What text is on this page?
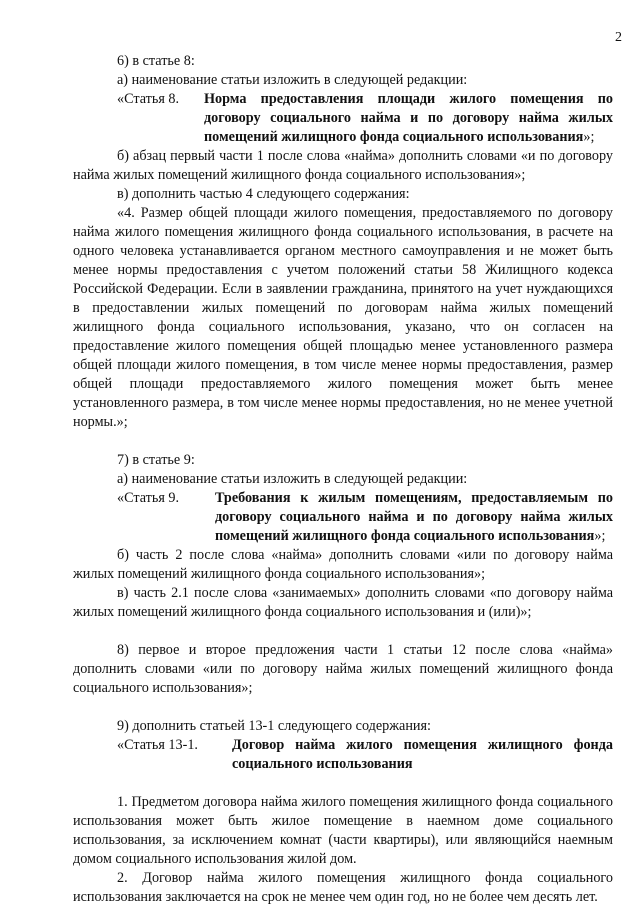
2

6) в статье 8:

а) наименование статьи изложить в следующей редакции:

«Статья 8.	Норма предоставления площади жилого помещения по договору социального найма и по договору найма жилых помещений жилищного фонда социального использования»;

б) абзац первый части 1 после слова «найма» дополнить словами «и по договору найма жилых помещений жилищного фонда социального использования»;

в) дополнить частью 4 следующего содержания:

«4. Размер общей площади жилого помещения, предоставляемого по договору найма жилого помещения жилищного фонда социального использования, в расчете на одного человека устанавливается органом местного самоуправления и не может быть менее нормы предоставления с учетом положений статьи 58 Жилищного кодекса Российской Федерации. Если в заявлении гражданина, принятого на учет нуждающихся в предоставлении жилых помещений по договорам найма жилых помещений жилищного фонда социального использования, указано, что он согласен на предоставление жилого помещения общей площадью менее установленного размера общей площади жилого помещения, в том числе менее нормы предоставления, размер общей площади предоставляемого жилого помещения может быть менее установленного размера, в том числе менее нормы предоставления, но не менее учетной нормы.»;

7) в статье 9:

а) наименование статьи изложить в следующей редакции:

«Статья 9.	Требования к жилым помещениям, предоставляемым по договору социального найма и по договору найма жилых помещений жилищного фонда социального использования»;

б) часть 2 после слова «найма» дополнить словами «или по договору найма жилых помещений жилищного фонда социального использования»;

в) часть 2.1 после слова «занимаемых» дополнить словами «по договору найма жилых помещений жилищного фонда социального использования и (или)»;

8) первое и второе предложения части 1 статьи 12 после слова «найма» дополнить словами «или по договору найма жилых помещений жилищного фонда социального использования»;

9) дополнить статьей 13-1 следующего содержания:

«Статья 13-1.	Договор найма жилого помещения жилищного фонда социального использования

1. Предметом договора найма жилого помещения жилищного фонда социального использования может быть жилое помещение в наемном доме социального использования, за исключением комнат (части квартиры), или являющийся наемным домом социального использования жилой дом.

2. Договор найма жилого помещения жилищного фонда социального использования заключается на срок не менее чем один год, но не более чем десять лет.
